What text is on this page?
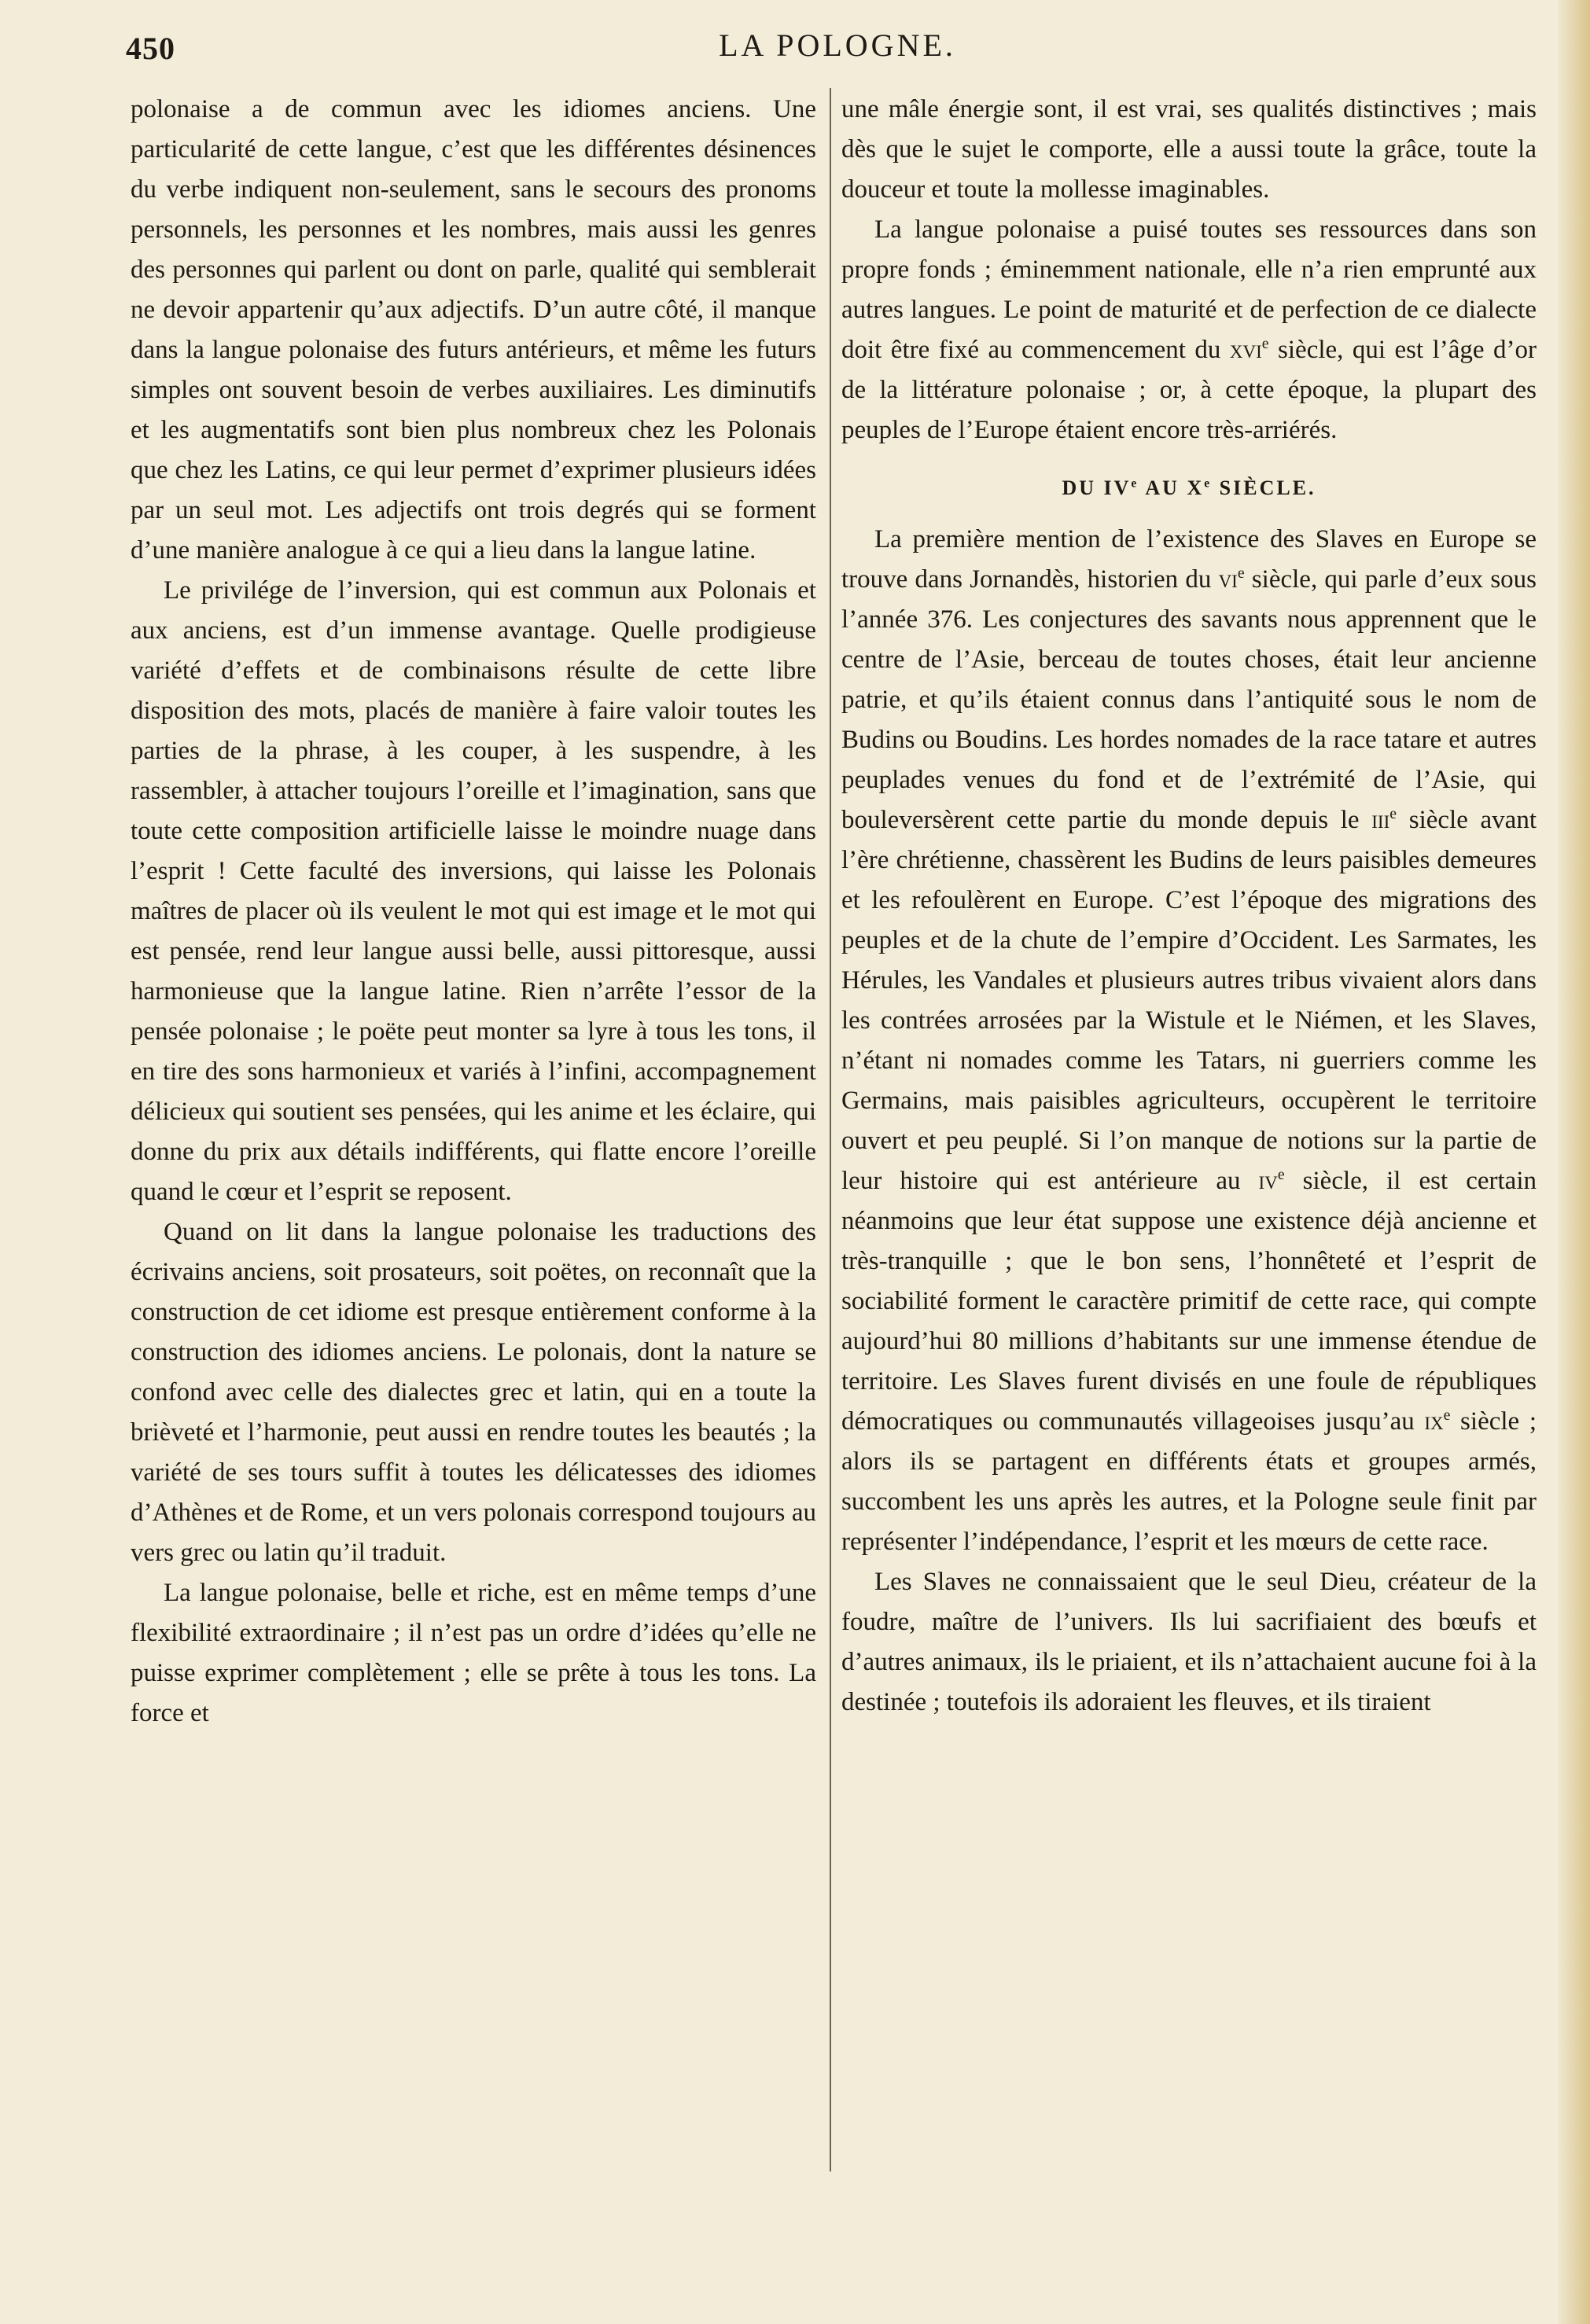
450	LA POLOGNE.

polonaise a de commun avec les idiomes anciens. Une particularité de cette langue, c’est que les différentes désinences du verbe indiquent non-seulement, sans le secours des pronoms personnels, les personnes et les nombres, mais aussi les genres des personnes qui parlent ou dont on parle, qualité qui semblerait ne devoir appartenir qu’aux adjectifs. D’un autre côté, il manque dans la langue polonaise des futurs antérieurs, et même les futurs simples ont souvent besoin de verbes auxiliaires. Les diminutifs et les augmentatifs sont bien plus nombreux chez les Polonais que chez les Latins, ce qui leur permet d’exprimer plusieurs idées par un seul mot. Les adjectifs ont trois degrés qui se forment d’une manière analogue à ce qui a lieu dans la langue latine.

Le privilége de l’inversion, qui est commun aux Polonais et aux anciens, est d’un immense avantage. Quelle prodigieuse variété d’effets et de combinaisons résulte de cette libre disposition des mots, placés de manière à faire valoir toutes les parties de la phrase, à les couper, à les suspendre, à les rassembler, à attacher toujours l’oreille et l’imagination, sans que toute cette composition artificielle laisse le moindre nuage dans l’esprit ! Cette faculté des inversions, qui laisse les Polonais maîtres de placer où ils veulent le mot qui est image et le mot qui est pensée, rend leur langue aussi belle, aussi pittoresque, aussi harmonieuse que la langue latine. Rien n’arrête l’essor de la pensée polonaise ; le poëte peut monter sa lyre à tous les tons, il en tire des sons harmonieux et variés à l’infini, accompagnement délicieux qui soutient ses pensées, qui les anime et les éclaire, qui donne du prix aux détails indifférents, qui flatte encore l’oreille quand le cœur et l’esprit se reposent.

Quand on lit dans la langue polonaise les traductions des écrivains anciens, soit prosateurs, soit poëtes, on reconnaît que la construction de cet idiome est presque entièrement conforme à la construction des idiomes anciens. Le polonais, dont la nature se confond avec celle des dialectes grec et latin, qui en a toute la brièveté et l’harmonie, peut aussi en rendre toutes les beautés ; la variété de ses tours suffit à toutes les délicatesses des idiomes d’Athènes et de Rome, et un vers polonais correspond toujours au vers grec ou latin qu’il traduit.

La langue polonaise, belle et riche, est en même temps d’une flexibilité extraordinaire ; il n’est pas un ordre d’idées qu’elle ne puisse exprimer complètement ; elle se prête à tous les tons. La force et

une mâle énergie sont, il est vrai, ses qualités distinctives ; mais dès que le sujet le comporte, elle a aussi toute la grâce, toute la douceur et toute la mollesse imaginables.

La langue polonaise a puisé toutes ses ressources dans son propre fonds ; éminemment nationale, elle n’a rien emprunté aux autres langues. Le point de maturité et de perfection de ce dialecte doit être fixé au commencement du xvi$^e$ siècle, qui est l’âge d’or de la littérature polonaise ; or, à cette époque, la plupart des peuples de l’Europe étaient encore très-arriérés.

DU IVe AU Xe SIÈCLE.

La première mention de l’existence des Slaves en Europe se trouve dans Jornandès, historien du $vi^e$ siècle, qui parle d’eux sous l’année 376. Les conjectures des savants nous apprennent que le centre de l’Asie, berceau de toutes choses, était leur ancienne patrie, et qu’ils étaient connus dans l’antiquité sous le nom de Budins ou Boudins. Les hordes nomades de la race tatare et autres peuplades venues du fond et de l’extrémité de l’Asie, qui bouleversèrent cette partie du monde depuis le iii$^e$ siècle avant l’ère chrétienne, chassèrent les Budins de leurs paisibles demeures et les refoulèrent en Europe. C’est l’époque des migrations des peuples et de la chute de l’empire d’Occident. Les Sarmates, les Hérules, les Vandales et plusieurs autres tribus vivaient alors dans les contrées arrosées par la Wistule et le Niémen, et les Slaves, n’étant ni nomades comme les Tatars, ni guerriers comme les Germains, mais paisibles agriculteurs, occupèrent le territoire ouvert et peu peuplé. Si l’on manque de notions sur la partie de leur histoire qui est antérieure au $iv^e$ siècle, il est certain néanmoins que leur état suppose une existence déjà ancienne et très-tranquille ; que le bon sens, l’honnêteté et l’esprit de sociabilité forment le caractère primitif de cette race, qui compte aujourd’hui 80 millions d’habitants sur une immense étendue de territoire. Les Slaves furent divisés en une foule de républiques démocratiques ou communautés villageoises jusqu’au $ix^e$ siècle ; alors ils se partagent en différents états et groupes armés, succombent les uns après les autres, et la Pologne seule finit par représenter l’indépendance, l’esprit et les mœurs de cette race.

Les Slaves ne connaissaient que le seul Dieu, créateur de la foudre, maître de l’univers. Ils lui sacrifiaient des bœufs et d’autres animaux, ils le priaient, et ils n’attachaient aucune foi à la destinée ; toutefois ils adoraient les fleuves, et ils tiraient
